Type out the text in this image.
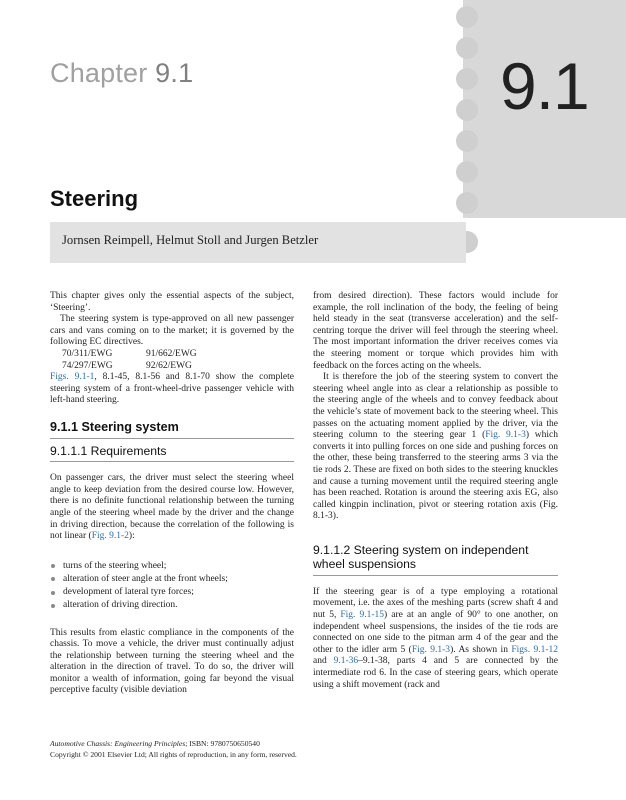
Chapter 9.1	9.1
Steering
Jornsen Reimpell, Helmut Stoll and Jurgen Betzler

This chapter gives only the essential aspects of the subject, ‘Steering’.

The steering system is type-approved on all new passenger cars and vans coming on to the market; it is governed by the following EC directives.

70/311/EWG	91/662/EWG
74/297/EWG	92/62/EWG

Figs. 9.1-1, 8.1-45, 8.1-56 and 8.1-70 show the complete steering system of a front-wheel-drive passenger vehicle with left-hand steering.

9.1.1 Steering system
9.1.1.1 Requirements

On passenger cars, the driver must select the steering wheel angle to keep deviation from the desired course low. However, there is no definite functional relationship between the turning angle of the steering wheel made by the driver and the change in driving direction, because the correlation of the following is not linear (Fig. 9.1-2):

turns of the steering wheel;
alteration of steer angle at the front wheels;
development of lateral tyre forces;
alteration of driving direction.

This results from elastic compliance in the components of the chassis. To move a vehicle, the driver must continually adjust the relationship between turning the steering wheel and the alteration in the direction of travel. To do so, the driver will monitor a wealth of information, going far beyond the visual perceptive faculty (visible deviation

from desired direction). These factors would include for example, the roll inclination of the body, the feeling of being held steady in the seat (transverse acceleration) and the self-centring torque the driver will feel through the steering wheel. The most important information the driver receives comes via the steering moment or torque which provides him with feedback on the forces acting on the wheels.

It is therefore the job of the steering system to convert the steering wheel angle into as clear a relationship as possible to the steering angle of the wheels and to convey feedback about the vehicle’s state of movement back to the steering wheel. This passes on the actuating moment applied by the driver, via the steering column to the steering gear 1 (Fig. 9.1-3) which converts it into pulling forces on one side and pushing forces on the other, these being transferred to the steering arms 3 via the tie rods 2. These are fixed on both sides to the steering knuckles and cause a turning movement until the required steering angle has been reached. Rotation is around the steering axis EG, also called kingpin inclination, pivot or steering rotation axis (Fig. 8.1-3).

9.1.1.2 Steering system on independent wheel suspensions

If the steering gear is of a type employing a rotational movement, i.e. the axes of the meshing parts (screw shaft 4 and nut 5, Fig. 9.1-15) are at an angle of 90° to one another, on independent wheel suspensions, the insides of the tie rods are connected on one side to the pitman arm 4 of the gear and the other to the idler arm 5 (Fig. 9.1-3). As shown in Figs. 9.1-12 and 9.1-36–9.1-38, parts 4 and 5 are connected by the intermediate rod 6. In the case of steering gears, which operate using a shift movement (rack and

Automotive Chassis: Engineering Principles; ISBN: 9780750650540
Copyright © 2001 Elsevier Ltd; All rights of reproduction, in any form, reserved.
